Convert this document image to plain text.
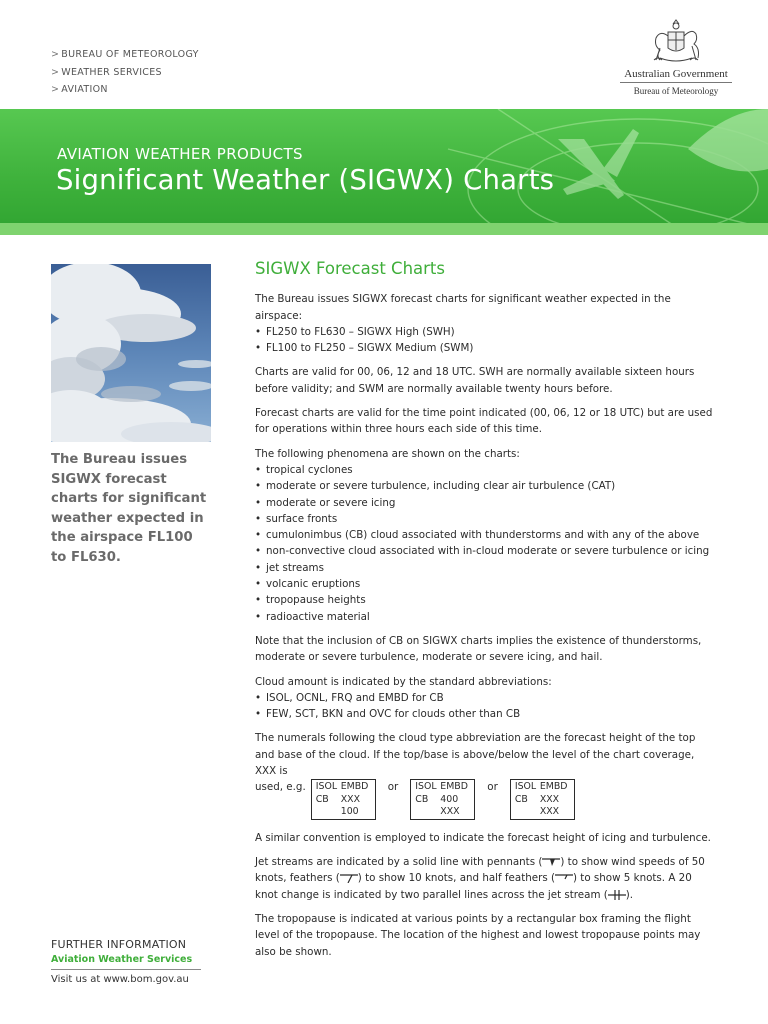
> BUREAU OF METEOROLOGY
> WEATHER SERVICES
> AVIATION
Australian Government
Bureau of Meteorology
AVIATION WEATHER PRODUCTS
Significant Weather (SIGWX) Charts

The Bureau issues SIGWX forecast charts for significant weather expected in the airspace FL100 to FL630.

FURTHER INFORMATION
Aviation Weather Services
Visit us at www.bom.gov.au
SIGWX Forecast Charts

The Bureau issues SIGWX forecast charts for significant weather expected in the airspace:

• FL250 to FL630 – SIGWX High (SWH)
• FL100 to FL250 – SIGWX Medium (SWM)

Charts are valid for 00, 06, 12 and 18 UTC. SWH are normally available sixteen hours before validity; and SWM are normally available twenty hours before.

Forecast charts are valid for the time point indicated (00, 06, 12 or 18 UTC) but are used for operations within three hours each side of this time.

The following phenomena are shown on the charts:

• tropical cyclones
• moderate or severe turbulence, including clear air turbulence (CAT)
• moderate or severe icing
• surface fronts
• cumulonimbus (CB) cloud associated with thunderstorms and with any of the above
• non-convective cloud associated with in-cloud moderate or severe turbulence or icing
• jet streams
• volcanic eruptions
• tropopause heights
• radioactive material

Note that the inclusion of CB on SIGWX charts implies the existence of thunderstorms, moderate or severe turbulence, moderate or severe icing, and hail.

Cloud amount is indicated by the standard abbreviations:

• ISOL, OCNL, FRQ and EMBD for CB
• FEW, SCT, BKN and OVC for clouds other than CB

The numerals following the cloud type abbreviation are the forecast height of the top and base of the cloud. If the top/base is above/below the level of the chart coverage, XXX is

used, e.g. ISOL EMBD
CB	XXX
100
or ISOL EMBD
CB	400
XXX
or ISOL EMBD
CB	XXX
XXX

A similar convention is employed to indicate the forecast height of icing and turbulence.

Jet streams are indicated by a solid line with pennants ( ) to show wind speeds of 50 knots, feathers ( ) to show 10 knots, and half feathers ( ) to show 5 knots. A 20 knot change is indicated by two parallel lines across the jet stream ( ).

The tropopause is indicated at various points by a rectangular box framing the flight level of the tropopause. The location of the highest and lowest tropopause points may also be shown.
